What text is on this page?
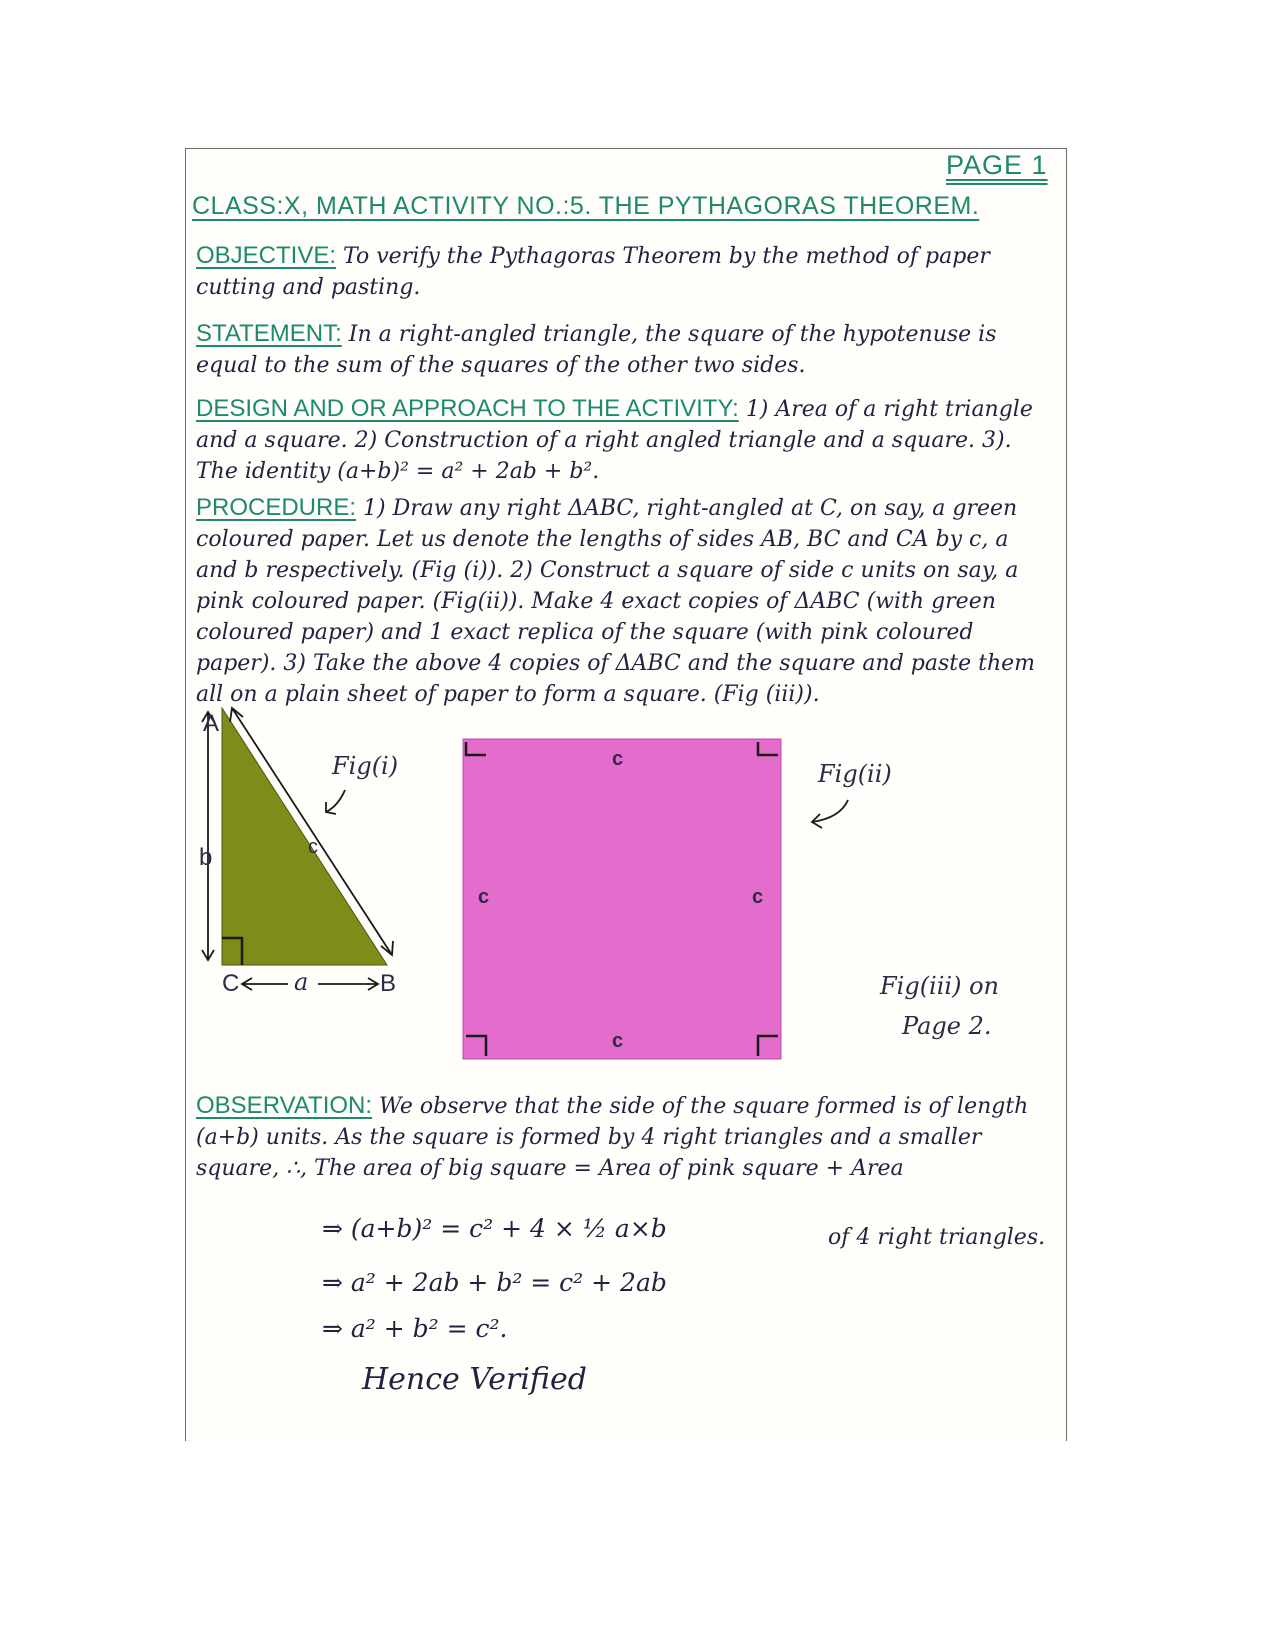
PAGE 1
CLASS:X, MATH ACTIVITY NO.:5. THE PYTHAGORAS THEOREM.
OBJECTIVE: To verify the Pythagoras Theorem by the method of paper cutting and pasting.
STATEMENT: In a right-angled triangle, the square of the hypotenuse is equal to the sum of the squares of the other two sides.
DESIGN AND OR APPROACH TO THE ACTIVITY: 1) Area of a right triangle and a square. 2) Construction of a right angled triangle and a square. 3). The identity (a+b)² = a² + 2ab + b².
PROCEDURE: 1) Draw any right ΔABC, right-angled at C, on say, a green coloured paper. Let us denote the lengths of sides AB, BC and CA by c, a and b respectively. (Fig (i)). 2) Construct a square of side c units on say, a pink coloured paper. (Fig(ii)). Make 4 exact copies of ΔABC (with green coloured paper) and 1 exact replica of the square (with pink coloured paper). 3) Take the above 4 copies of ΔABC and the square and paste them all on a plain sheet of paper to form a square. (Fig (iii)).
A
b	c
C a	B
Fig(i)	c
c	c
c
Fig(ii)
Fig(iii) on
Page 2.
OBSERVATION: We observe that the side of the square formed is of length (a+b) units. As the square is formed by 4 right triangles and a smaller square, ∴, The area of big square = Area of pink square + Area
of 4 right triangles.
⇒ (a+b)² = c² + 4 × ½ a×b
⇒ a² + 2ab + b² = c² + 2ab
⇒ a² + b² = c².
Hence Verified
